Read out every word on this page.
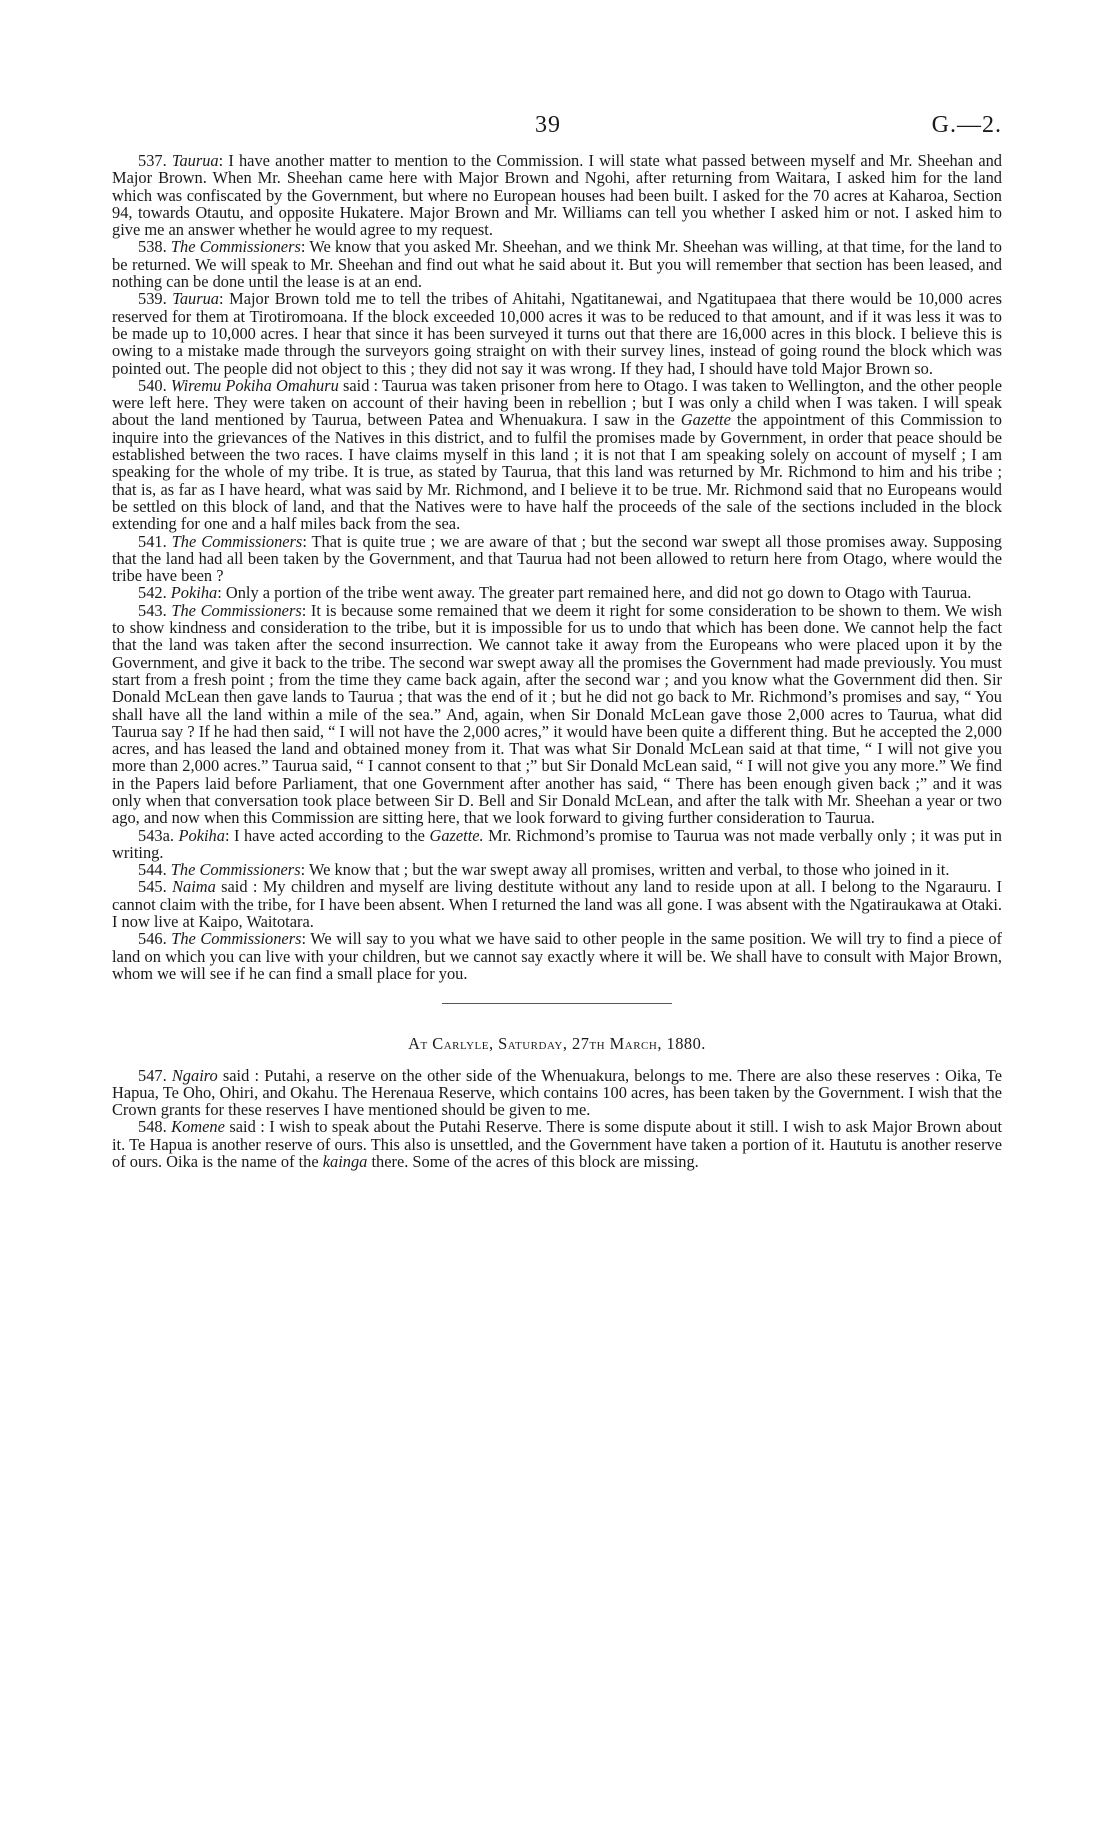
39	G.—2.

537. Taurua: I have another matter to mention to the Commission. I will state what passed between myself and Mr. Sheehan and Major Brown. When Mr. Sheehan came here with Major Brown and Ngohi, after returning from Waitara, I asked him for the land which was confiscated by the Government, but where no European houses had been built. I asked for the 70 acres at Kaharoa, Section 94, towards Otautu, and opposite Hukatere. Major Brown and Mr. Williams can tell you whether I asked him or not. I asked him to give me an answer whether he would agree to my request.

538. The Commissioners: We know that you asked Mr. Sheehan, and we think Mr. Sheehan was willing, at that time, for the land to be returned. We will speak to Mr. Sheehan and find out what he said about it. But you will remember that section has been leased, and nothing can be done until the lease is at an end.

539. Taurua: Major Brown told me to tell the tribes of Ahitahi, Ngatitanewai, and Ngatitupaea that there would be 10,000 acres reserved for them at Tirotiromoana. If the block exceeded 10,000 acres it was to be reduced to that amount, and if it was less it was to be made up to 10,000 acres. I hear that since it has been surveyed it turns out that there are 16,000 acres in this block. I believe this is owing to a mistake made through the surveyors going straight on with their survey lines, instead of going round the block which was pointed out. The people did not object to this ; they did not say it was wrong. If they had, I should have told Major Brown so.

540. Wiremu Pokiha Omahuru said : Taurua was taken prisoner from here to Otago. I was taken to Wellington, and the other people were left here. They were taken on account of their having been in rebellion ; but I was only a child when I was taken. I will speak about the land mentioned by Taurua, between Patea and Whenuakura. I saw in the Gazette the appointment of this Commission to inquire into the grievances of the Natives in this district, and to fulfil the promises made by Government, in order that peace should be established between the two races. I have claims myself in this land ; it is not that I am speaking solely on account of myself ; I am speaking for the whole of my tribe. It is true, as stated by Taurua, that this land was returned by Mr. Richmond to him and his tribe ; that is, as far as I have heard, what was said by Mr. Richmond, and I believe it to be true. Mr. Richmond said that no Europeans would be settled on this block of land, and that the Natives were to have half the proceeds of the sale of the sections included in the block extending for one and a half miles back from the sea.

541. The Commissioners: That is quite true ; we are aware of that ; but the second war swept all those promises away. Supposing that the land had all been taken by the Government, and that Taurua had not been allowed to return here from Otago, where would the tribe have been ?

542. Pokiha: Only a portion of the tribe went away. The greater part remained here, and did not go down to Otago with Taurua.

543. The Commissioners: It is because some remained that we deem it right for some consideration to be shown to them. We wish to show kindness and consideration to the tribe, but it is impossible for us to undo that which has been done. We cannot help the fact that the land was taken after the second insurrection. We cannot take it away from the Europeans who were placed upon it by the Government, and give it back to the tribe. The second war swept away all the promises the Government had made previously. You must start from a fresh point ; from the time they came back again, after the second war ; and you know what the Government did then. Sir Donald McLean then gave lands to Taurua ; that was the end of it ; but he did not go back to Mr. Richmond’s promises and say, “ You shall have all the land within a mile of the sea.” And, again, when Sir Donald McLean gave those 2,000 acres to Taurua, what did Taurua say ? If he had then said, “ I will not have the 2,000 acres,” it would have been quite a different thing. But he accepted the 2,000 acres, and has leased the land and obtained money from it. That was what Sir Donald McLean said at that time, “ I will not give you more than 2,000 acres.” Taurua said, “ I cannot consent to that ;” but Sir Donald McLean said, “ I will not give you any more.” We find in the Papers laid before Parliament, that one Government after another has said, “ There has been enough given back ;” and it was only when that conversation took place between Sir D. Bell and Sir Donald McLean, and after the talk with Mr. Sheehan a year or two ago, and now when this Commission are sitting here, that we look forward to giving further consideration to Taurua.

543a. Pokiha: I have acted according to the Gazette. Mr. Richmond’s promise to Taurua was not made verbally only ; it was put in writing.

544. The Commissioners: We know that ; but the war swept away all promises, written and verbal, to those who joined in it.

545. Naima said : My children and myself are living destitute without any land to reside upon at all. I belong to the Ngarauru. I cannot claim with the tribe, for I have been absent. When I returned the land was all gone. I was absent with the Ngatiraukawa at Otaki. I now live at Kaipo, Waitotara.

546. The Commissioners: We will say to you what we have said to other people in the same position. We will try to find a piece of land on which you can live with your children, but we cannot say exactly where it will be. We shall have to consult with Major Brown, whom we will see if he can find a small place for you.

At Carlyle, Saturday, 27th March, 1880.

547. Ngairo said : Putahi, a reserve on the other side of the Whenuakura, belongs to me. There are also these reserves : Oika, Te Hapua, Te Oho, Ohiri, and Okahu. The Herenaua Reserve, which contains 100 acres, has been taken by the Government. I wish that the Crown grants for these reserves I have mentioned should be given to me.

548. Komene said : I wish to speak about the Putahi Reserve. There is some dispute about it still. I wish to ask Major Brown about it. Te Hapua is another reserve of ours. This also is unsettled, and the Government have taken a portion of it. Haututu is another reserve of ours. Oika is the name of the kainga there. Some of the acres of this block are missing.
